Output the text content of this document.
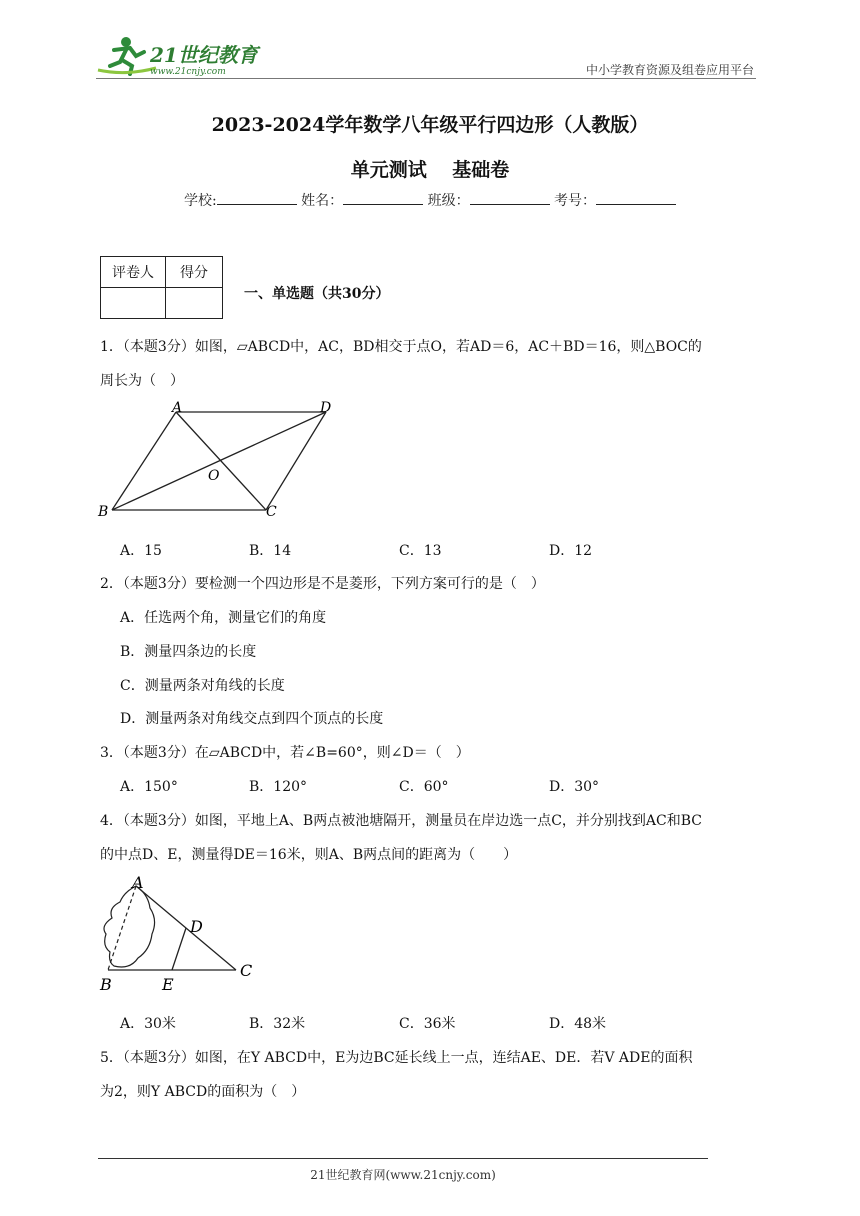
21世纪教育
www.21cnjy.com	中小学教育资源及组卷应用平台
2023-2024学年数学八年级平行四边形（人教版）
单元测试　 基础卷
学校:	姓名：	班级：	考号：
评卷人	得分

一、单选题（共30分）
1．（本题3分）如图，▱ABCD中，AC，BD相交于点O，若AD＝6，AC＋BD＝16，则△BOC的
周长为（　）
A	D
O
B	C
A．15	B．14	C．13	D．12
2．（本题3分）要检测一个四边形是不是菱形，下列方案可行的是（　）
A．任选两个角，测量它们的角度
B．测量四条边的长度
C．测量两条对角线的长度
D．测量两条对角线交点到四个顶点的长度
3．（本题3分）在▱ABCD中，若∠B=60°，则∠D＝（　）
A．150°	B．120°	C．60°	D．30°
4．（本题3分）如图，平地上A、B两点被池塘隔开，测量员在岸边选一点C，并分别找到AC和BC
的中点D、E，测量得DE＝16米，则A、B两点间的距离为（　　）
A
D
B	E
C
A．30米	B．32米	C．36米	D．48米
5．（本题3分）如图，在Y ABCD中，E为边BC延长线上一点，连结AE、DE．若V ADE的面积
为2，则Y ABCD的面积为（　）
21世纪教育网(www.21cnjy.com)
